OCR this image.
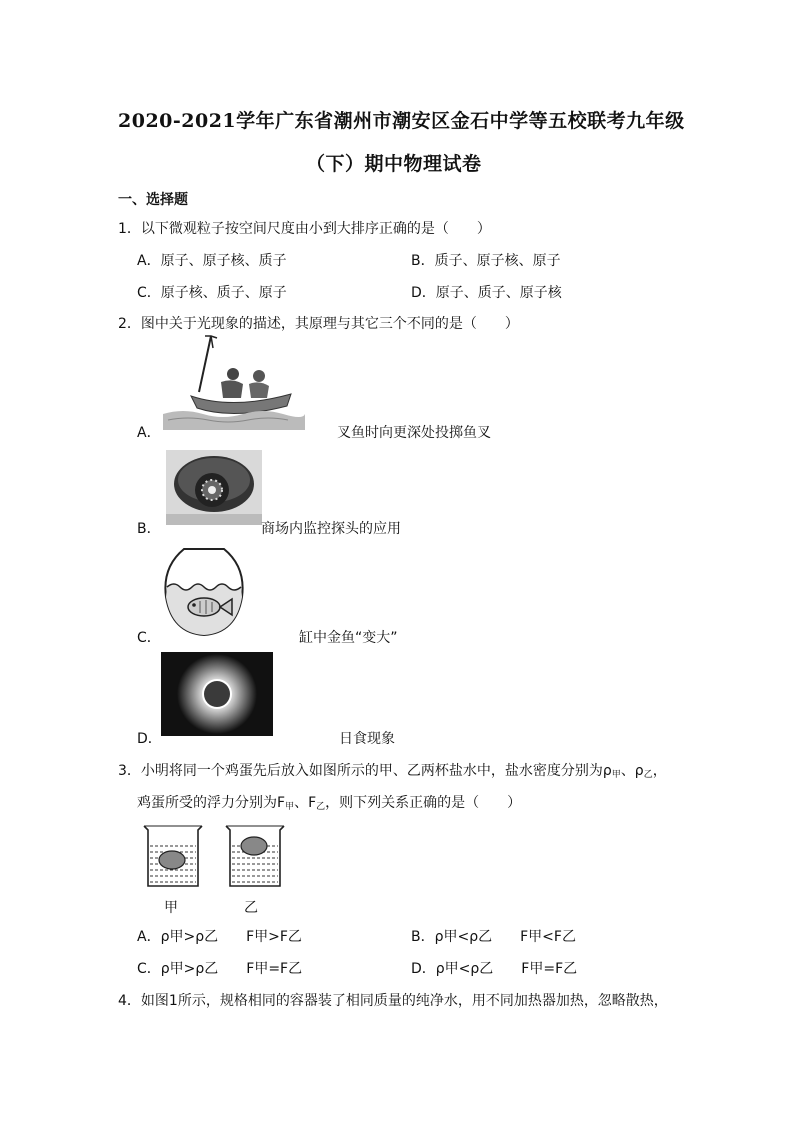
2020-2021学年广东省潮州市潮安区金石中学等五校联考九年级
（下）期中物理试卷
一、选择题
1．以下微观粒子按空间尺度由小到大排序正确的是（　　）
A．原子、原子核、质子	B．质子、原子核、原子
C．原子核、质子、原子	D．原子、质子、原子核
2．图中关于光现象的描述，其原理与其它三个不同的是（　　）
A．	叉鱼时向更深处投掷鱼叉
B．	商场内监控探头的应用
C．	缸中金鱼“变大”
D．	日食现象
3．小明将同一个鸡蛋先后放入如图所示的甲、乙两杯盐水中，盐水密度分别为$\rho_甲$、$\rho_乙$，
鸡蛋所受的浮力分别为$F_甲$、$F_乙$，则下列关系正确的是（　　）
甲	乙
A．ρ甲>ρ乙　　F甲>F乙	B．ρ甲<ρ乙　　F甲<F乙
C．ρ甲>ρ乙　　F甲=F乙	D．ρ甲<ρ乙　　F甲=F乙
4．如图1所示，规格相同的容器装了相同质量的纯净水，用不同加热器加热，忽略散热，
